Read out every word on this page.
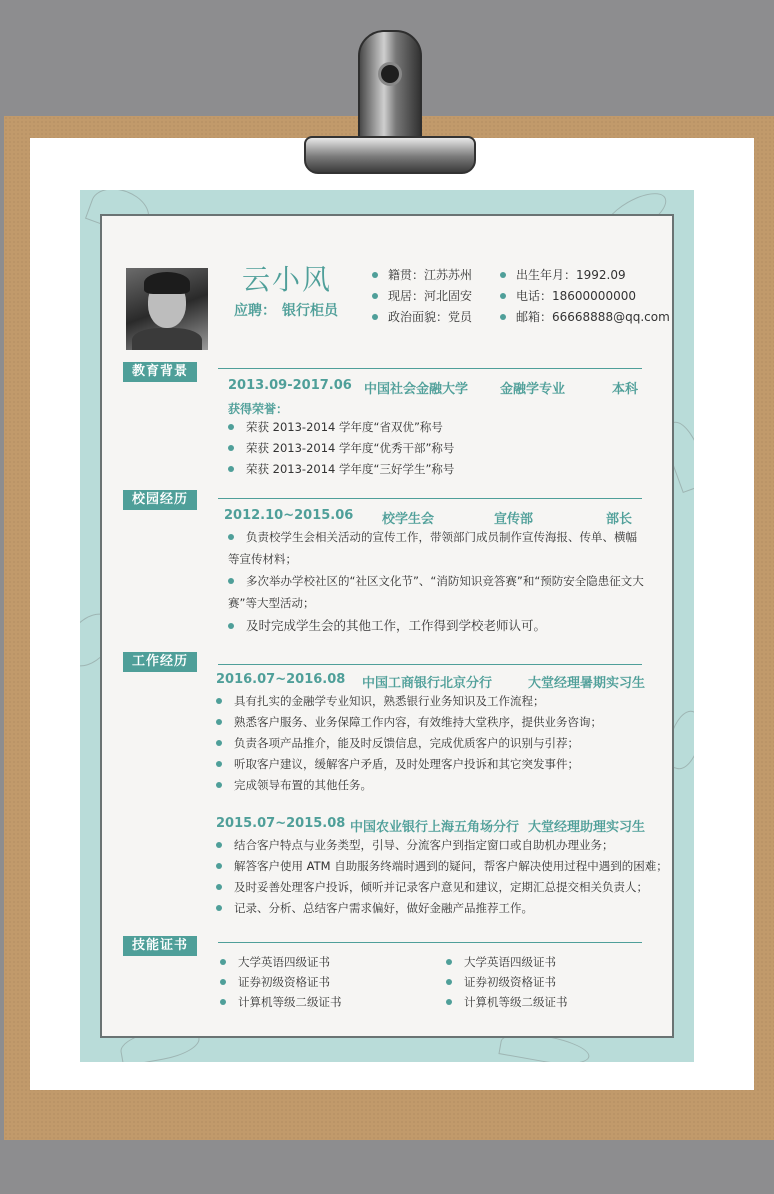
云小风
应聘： 银行柜员
籍贯：江苏苏州
现居：河北固安
政治面貌：党员
出生年月：1992.09
电话：18600000000
邮箱：66668888@qq.com
教育背景
2013.09-2017.06 中国社会金融大学 金融学专业	本科
获得荣誉：
荣获 2013-2014 学年度“省双优”称号
荣获 2013-2014 学年度“优秀干部”称号
荣获 2013-2014 学年度“三好学生”称号
校园经历
2012.10~2015.06 校学生会	宣传部	部长
负责校学生会相关活动的宣传工作，带领部门成员制作宣传海报、传单、横幅等宣传材料；
多次举办学校社区的“社区文化节”、“消防知识竞答赛”和“预防安全隐患征文大赛”等大型活动；
及时完成学生会的其他工作，工作得到学校老师认可。
工作经历
2016.07~2016.08 中国工商银行北京分行	大堂经理暑期实习生
具有扎实的金融学专业知识，熟悉银行业务知识及工作流程；
熟悉客户服务、业务保障工作内容，有效维持大堂秩序，提供业务咨询；
负责各项产品推介，能及时反馈信息，完成优质客户的识别与引荐；
听取客户建议，缓解客户矛盾，及时处理客户投诉和其它突发事件；
完成领导布置的其他任务。
2015.07~2015.08 中国农业银行上海五角场分行 大堂经理助理实习生
结合客户特点与业务类型，引导、分流客户到指定窗口或自助机办理业务；
解答客户使用 ATM 自助服务终端时遇到的疑问，帮客户解决使用过程中遇到的困难；
及时妥善处理客户投诉，倾听并记录客户意见和建议，定期汇总提交相关负责人；
记录、分析、总结客户需求偏好，做好金融产品推荐工作。
技能证书
大学英语四级证书
证券初级资格证书
计算机等级二级证书
大学英语四级证书
证券初级资格证书
计算机等级二级证书
